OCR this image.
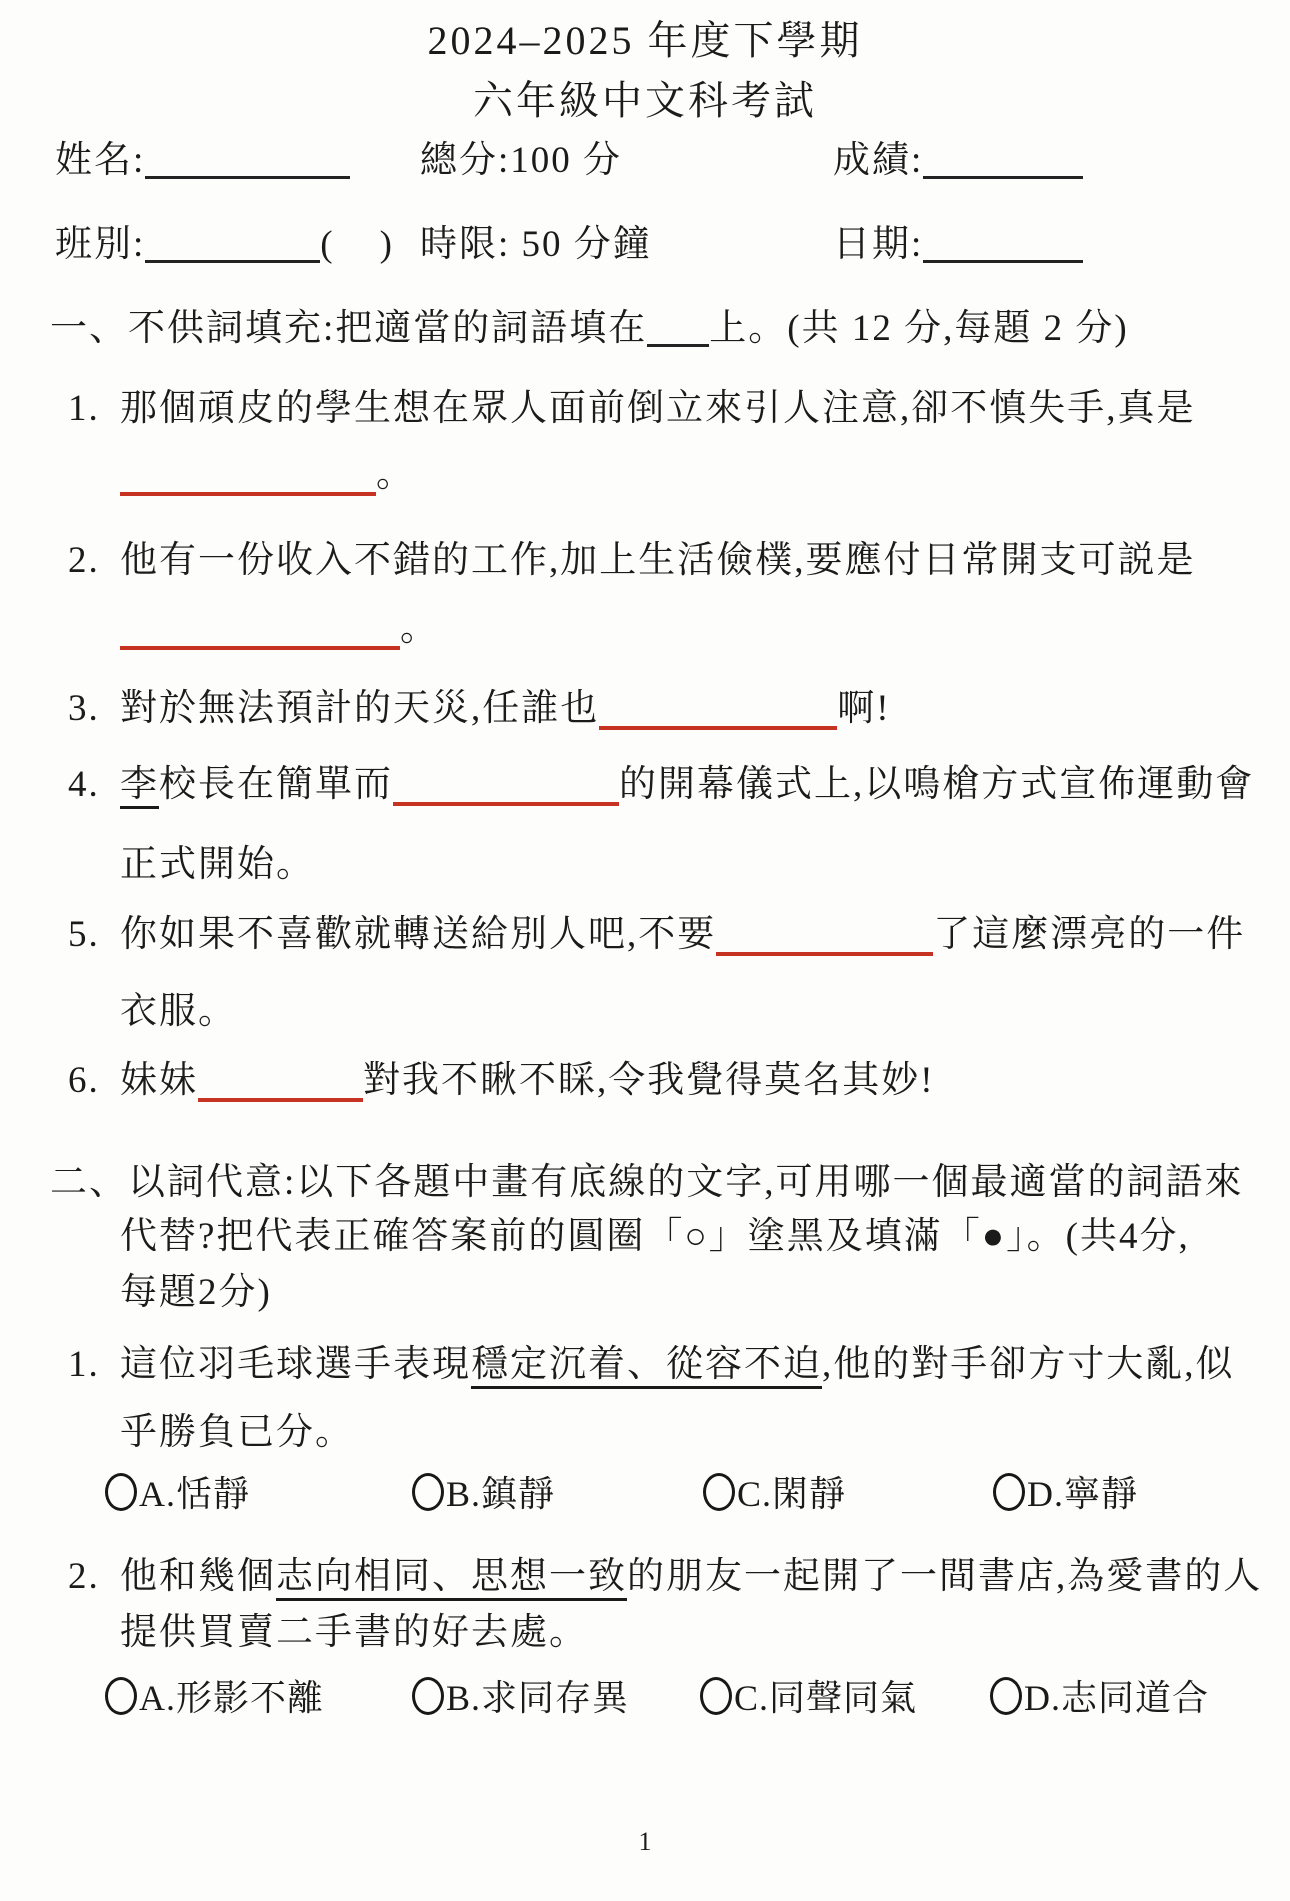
2024–2025 年度下學期
六年級中文科考試
姓名:	總分:100 分	成績:
班別:	(    ) 時限: 50 分鐘	日期:
一、不供詞填充:把適當的詞語填在 上。(共 12 分,每題 2 分)
1. 那個頑皮的學生想在眾人面前倒立來引人注意,卻不慎失手,真是
。
2. 他有一份收入不錯的工作,加上生活儉樸,要應付日常開支可説是
。
3. 對於無法預計的天災,任誰也	啊!
4. 李校長在簡單而	的開幕儀式上,以鳴槍方式宣佈運動會
正式開始。
5. 你如果不喜歡就轉送給別人吧,不要	了這麼漂亮的一件
衣服。
6. 妹妹	對我不瞅不睬,令我覺得莫名其妙!
二、以詞代意:以下各題中畫有底線的文字,可用哪一個最適當的詞語來
代替?把代表正確答案前的圓圈「○」塗黑及填滿「●」。(共4分,
每題2分)
1. 這位羽毛球選手表現穩定沉着、從容不迫,他的對手卻方寸大亂,似
乎勝負已分。
A.恬靜	B.鎮靜	C.閑靜	D.寧靜
2. 他和幾個志向相同、思想一致的朋友一起開了一間書店,為愛書的人
提供買賣二手書的好去處。
A.形影不離	B.求同存異	C.同聲同氣	D.志同道合
1
